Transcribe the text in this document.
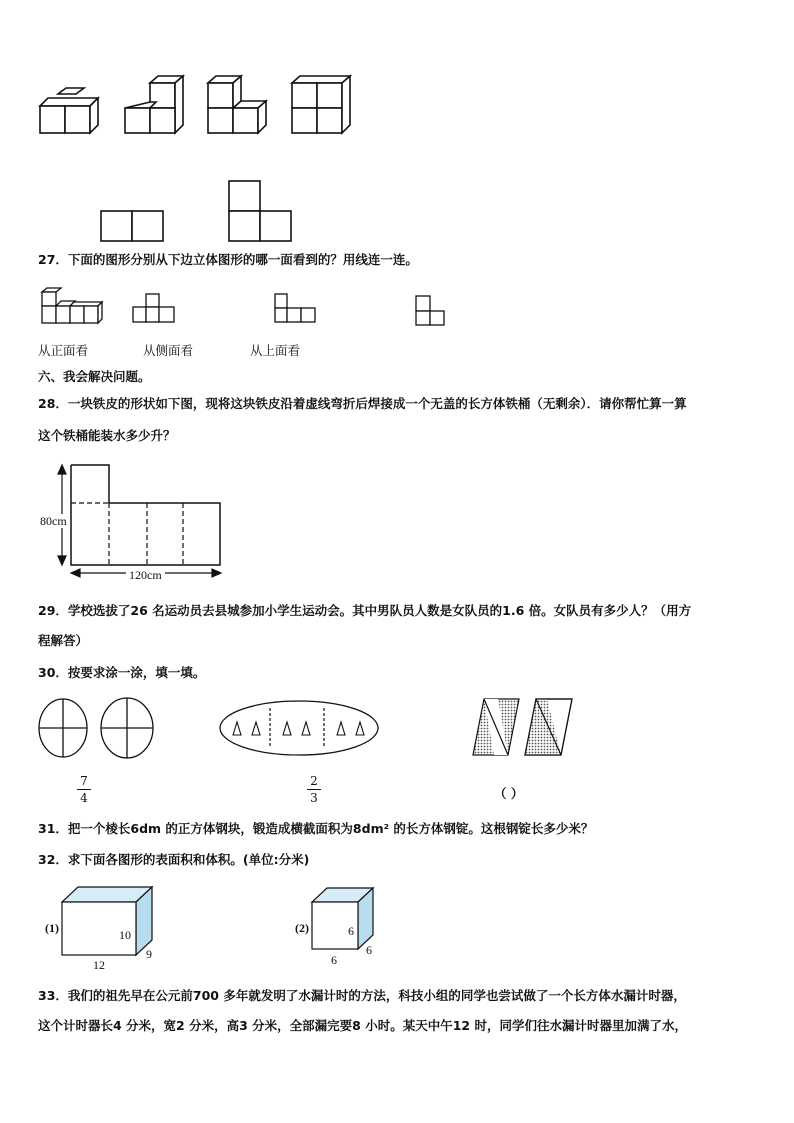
27．下面的图形分别从下边立体图形的哪一面看到的？用线连一连。
从正面看	从侧面看	从上面看
六、我会解决问题。
28．一块铁皮的形状如下图，现将这块铁皮沿着虚线弯折后焊接成一个无盖的长方体铁桶（无剩余）．请你帮忙算一算
这个铁桶能装水多少升？
80cm
120cm
29．学校选拔了26 名运动员去县城参加小学生运动会。其中男队员人数是女队员的1.6 倍。女队员有多少人？（用方
程解答）
30．按要求涂一涂，填一填。
7
4
2
3	（ ）
31．把一个棱长6dm 的正方体钢块，锻造成横截面积为8dm² 的长方体钢锭。这根钢锭长多少米？
32．求下面各图形的表面积和体积。(单位:分米)
(1)	10
9
12
(2)	6
6
6
33．我们的祖先早在公元前700 多年就发明了水漏计时的方法，科技小组的同学也尝试做了一个长方体水漏计时器，
这个计时器长4 分米，宽2 分米，高3 分米，全部漏完要8 小时。某天中午12 时，同学们往水漏计时器里加满了水，
